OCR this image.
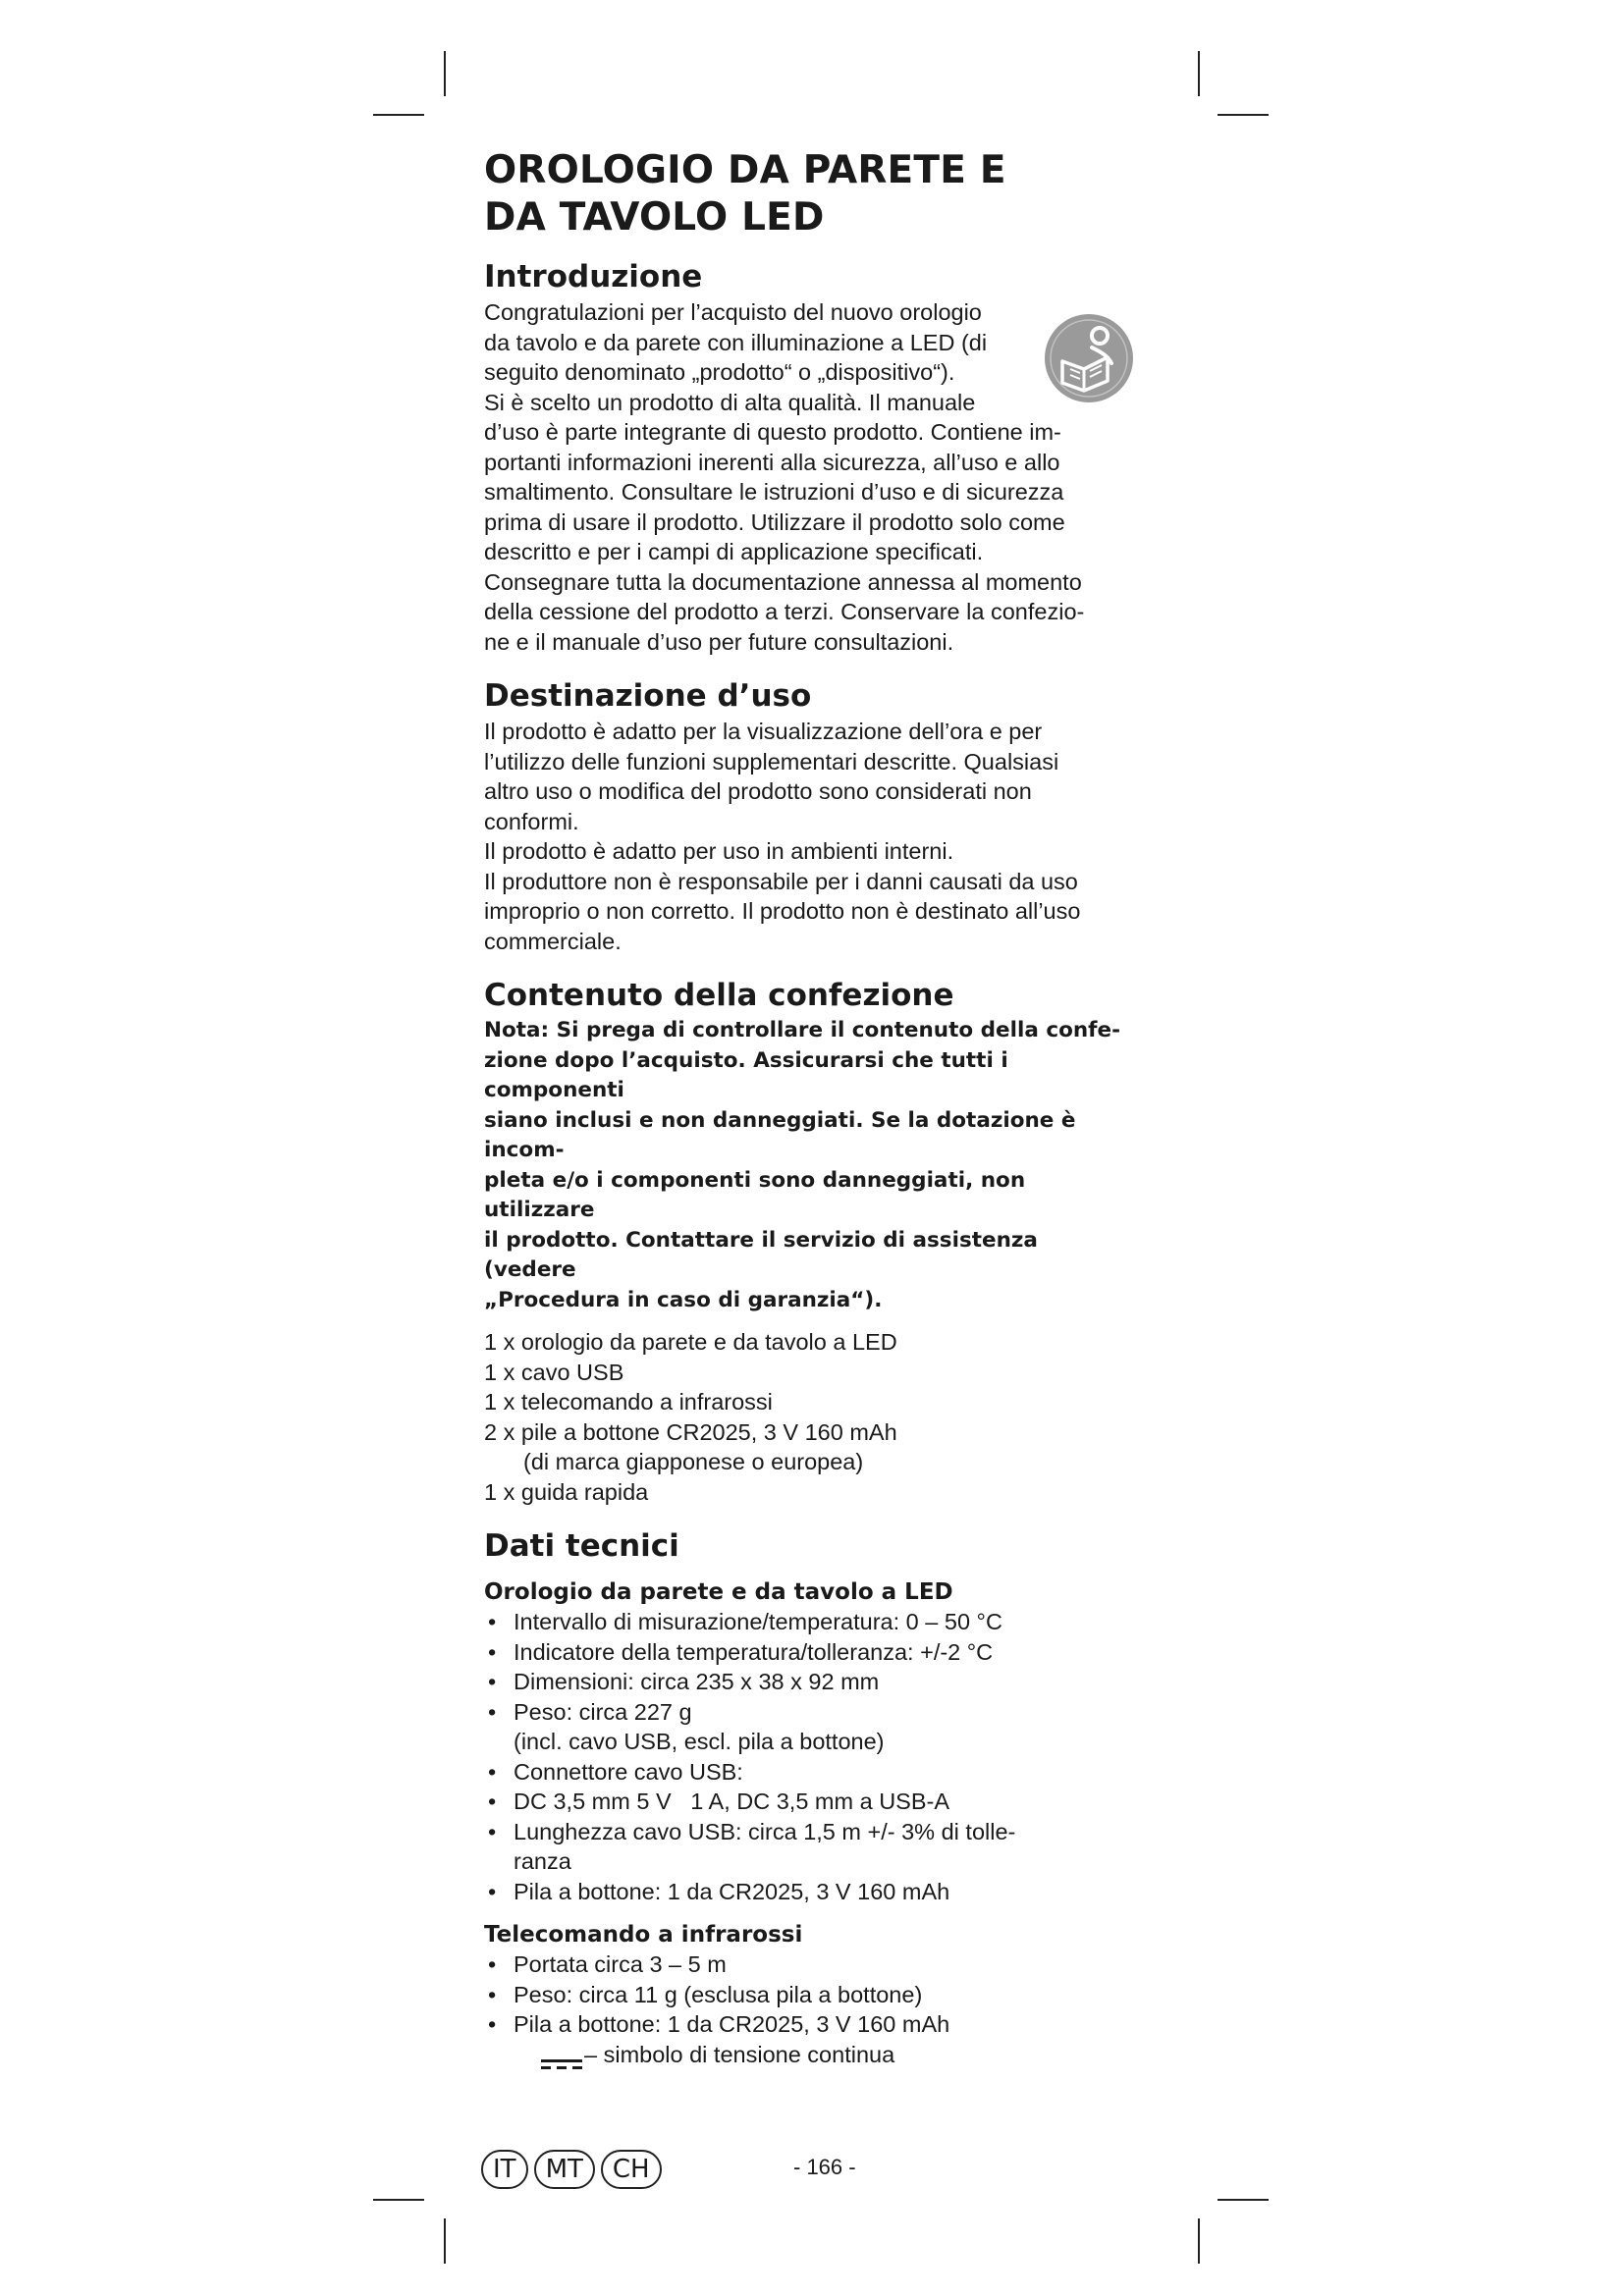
OROLOGIO DA PARETE E DA TAVOLO LED
Introduzione

Congratulazioni per l’acquisto del nuovo orologio

da tavolo e da parete con illuminazione a LED (di

seguito denominato „prodotto“ o „dispositivo“).

Si è scelto un prodotto di alta qualità. Il manuale

d’uso è parte integrante di questo prodotto. Contiene im-

portanti informazioni inerenti alla sicurezza, all’uso e allo

smaltimento. Consultare le istruzioni d’uso e di sicurezza

prima di usare il prodotto. Utilizzare il prodotto solo come

descritto e per i campi di applicazione specificati.

Consegnare tutta la documentazione annessa al momento

della cessione del prodotto a terzi. Conservare la confezio-

ne e il manuale d’uso per future consultazioni.

Destinazione d’uso

Il prodotto è adatto per la visualizzazione dell’ora e per

l’utilizzo delle funzioni supplementari descritte. Qualsiasi

altro uso o modifica del prodotto sono considerati non

conformi.

Il prodotto è adatto per uso in ambienti interni.

Il produttore non è responsabile per i danni causati da uso

improprio o non corretto. Il prodotto non è destinato all’uso

commerciale.

Contenuto della confezione

Nota: Si prega di controllare il contenuto della confe-

zione dopo l’acquisto. Assicurarsi che tutti i componenti

siano inclusi e non danneggiati. Se la dotazione è incom-

pleta e/o i componenti sono danneggiati, non utilizzare

il prodotto. Contattare il servizio di assistenza (vedere

„Procedura in caso di garanzia“).

1 x orologio da parete e da tavolo a LED
1 x cavo USB
1 x telecomando a infrarossi
2 x pile a bottone CR2025, 3 V 160 mAh
(di marca giapponese o europea)
1 x guida rapida
Dati tecnici
Orologio da parete e da tavolo a LED
• Intervallo di misurazione/temperatura: 0 – 50 °C
• Indicatore della temperatura/tolleranza: +/-2 °C
• Dimensioni: circa 235 x 38 x 92 mm
• Peso: circa 227 g
(incl. cavo USB, escl. pila a bottone)
• Connettore cavo USB:
• DC 3,5 mm 5 V 1 A, DC 3,5 mm a USB-A
• Lunghezza cavo USB: circa 1,5 m +/- 3% di tolle-
ranza
• Pila a bottone: 1 da CR2025, 3 V 160 mAh
Telecomando a infrarossi
• Portata circa 3 – 5 m
• Peso: circa 11 g (esclusa pila a bottone)
• Pila a bottone: 1 da CR2025, 3 V 160 mAh
– simbolo di tensione continua
IT	MT	CH	- 166 -
